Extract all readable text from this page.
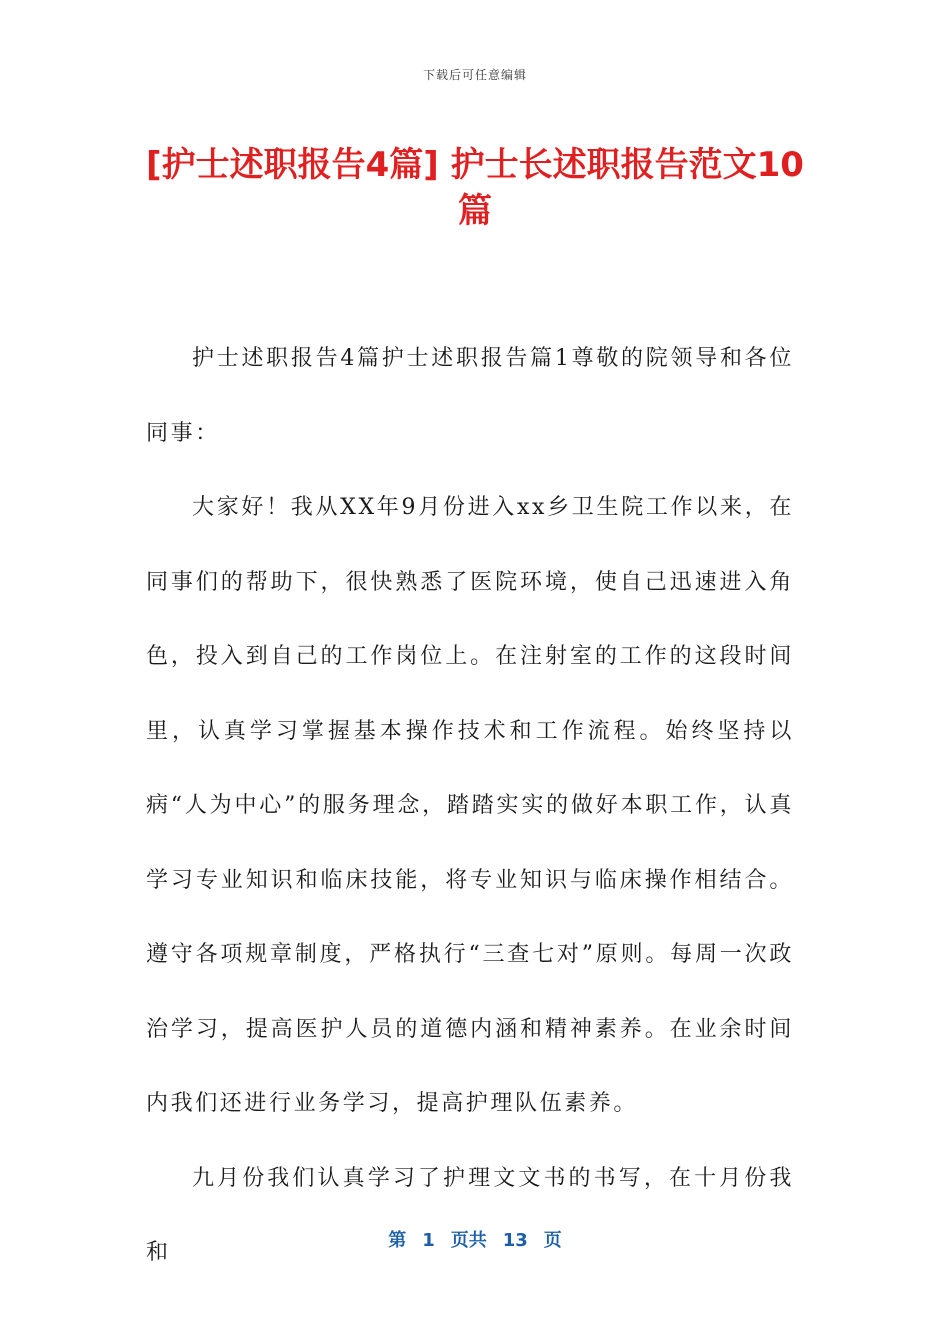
下载后可任意编辑
[护士述职报告4篇] 护士长述职报告范文10篇

护士述职报告4篇护士述职报告篇1尊敬的院领导和各位同事：

大家好！我从XX年9月份进入xx乡卫生院工作以来，在同事们的帮助下，很快熟悉了医院环境，使自己迅速进入角色，投入到自己的工作岗位上。在注射室的工作的这段时间里，认真学习掌握基本操作技术和工作流程。始终坚持以病“人为中心”的服务理念，踏踏实实的做好本职工作，认真学习专业知识和临床技能，将专业知识与临床操作相结合。遵守各项规章制度，严格执行“三查七对”原则。每周一次政治学习，提高医护人员的道德内涵和精神素养。在业余时间内我们还进行业务学习，提高护理队伍素养。

九月份我们认真学习了护理文文书的书写，在十月份我和	第 1 页共 13 页
